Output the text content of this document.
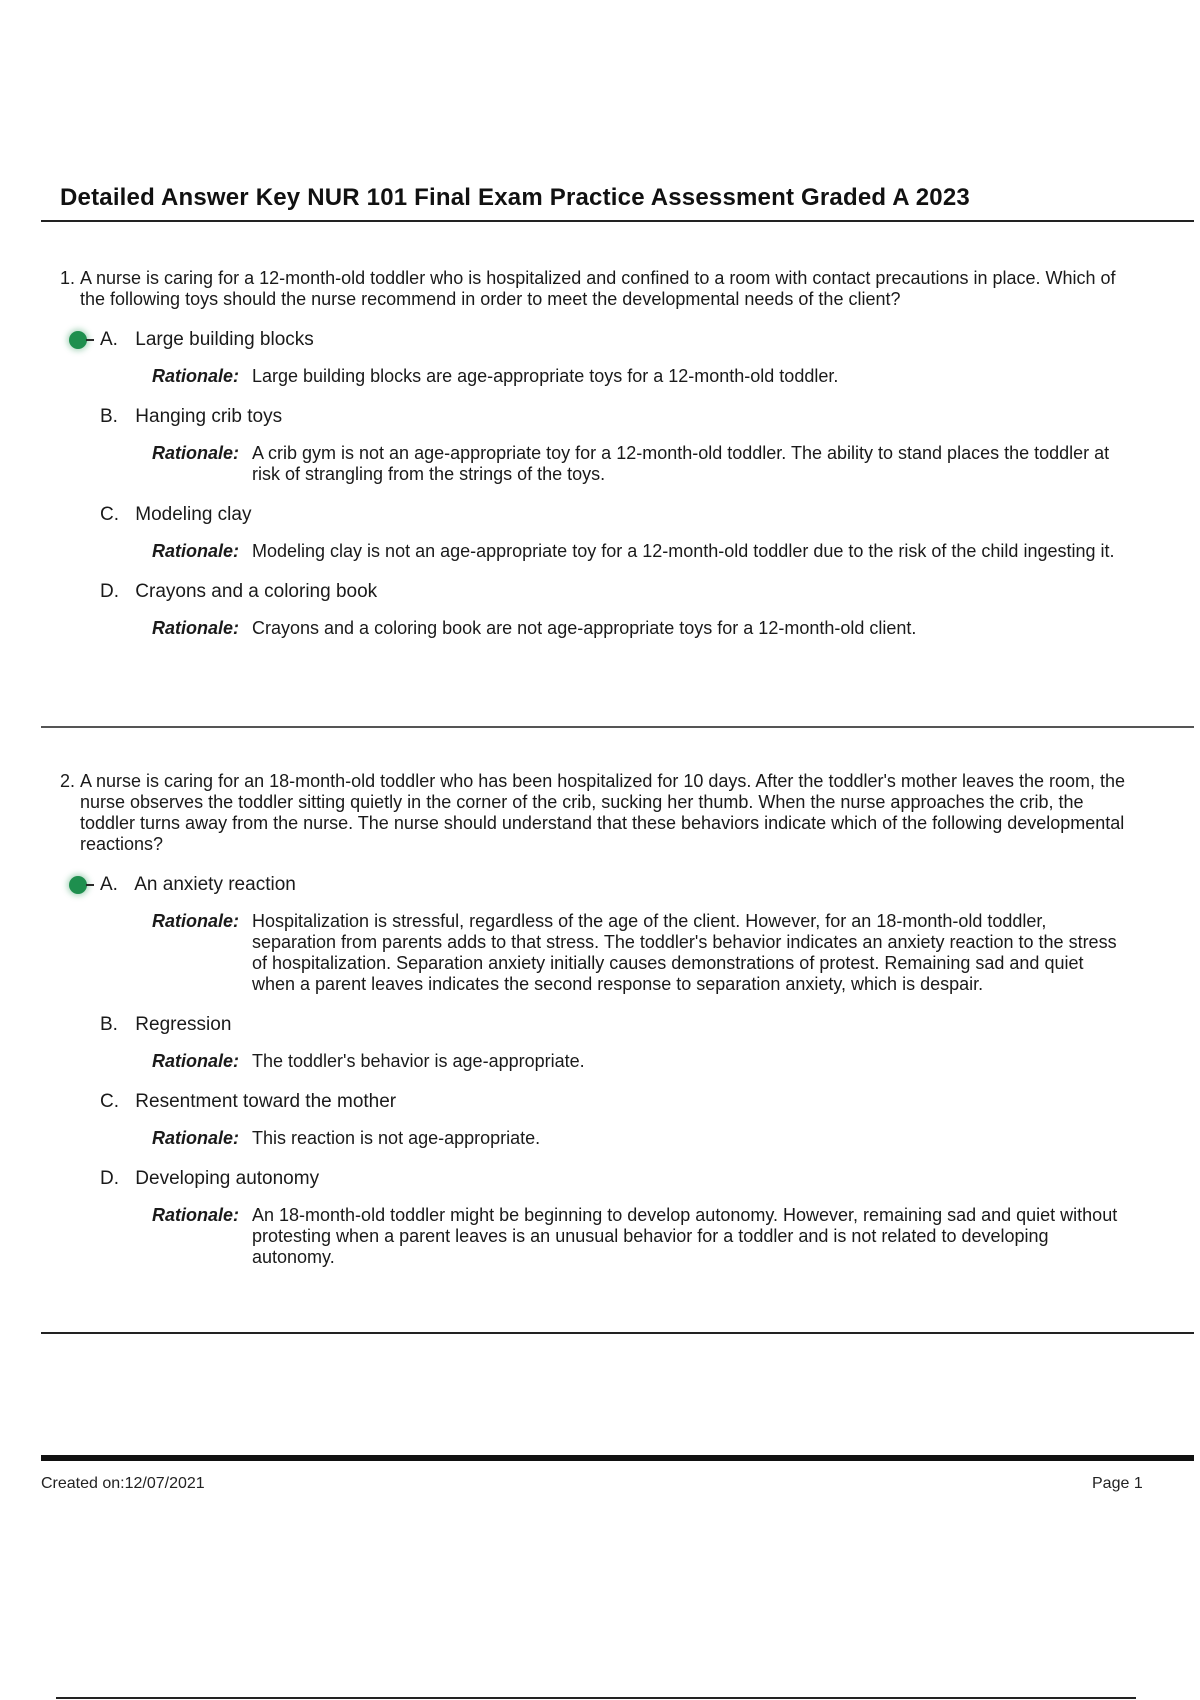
Detailed Answer Key NUR 101 Final Exam Practice Assessment Graded A 2023
1. A nurse is caring for a 12-month-old toddler who is hospitalized and confined to a room with contact precautions in place. Which of the following toys should the nurse recommend in order to meet the developmental needs of the client?
A. Large building blocks
Rationale: Large building blocks are age-appropriate toys for a 12-month-old toddler.
B. Hanging crib toys
Rationale: A crib gym is not an age-appropriate toy for a 12-month-old toddler. The ability to stand places the toddler at risk of strangling from the strings of the toys.
C. Modeling clay
Rationale: Modeling clay is not an age-appropriate toy for a 12-month-old toddler due to the risk of the child ingesting it.
D. Crayons and a coloring book
Rationale: Crayons and a coloring book are not age-appropriate toys for a 12-month-old client.
2. A nurse is caring for an 18-month-old toddler who has been hospitalized for 10 days. After the toddler's mother leaves the room, the nurse observes the toddler sitting quietly in the corner of the crib, sucking her thumb. When the nurse approaches the crib, the toddler turns away from the nurse. The nurse should understand that these behaviors indicate which of the following developmental reactions?
A. An anxiety reaction
Rationale: Hospitalization is stressful, regardless of the age of the client. However, for an 18-month-old toddler, separation from parents adds to that stress. The toddler's behavior indicates an anxiety reaction to the stress of hospitalization. Separation anxiety initially causes demonstrations of protest. Remaining sad and quiet when a parent leaves indicates the second response to separation anxiety, which is despair.
B. Regression
Rationale: The toddler's behavior is age-appropriate.
C. Resentment toward the mother
Rationale: This reaction is not age-appropriate.
D. Developing autonomy
Rationale: An 18-month-old toddler might be beginning to develop autonomy. However, remaining sad and quiet without protesting when a parent leaves is an unusual behavior for a toddler and is not related to developing autonomy.
Created on:12/07/2021	Page 1
